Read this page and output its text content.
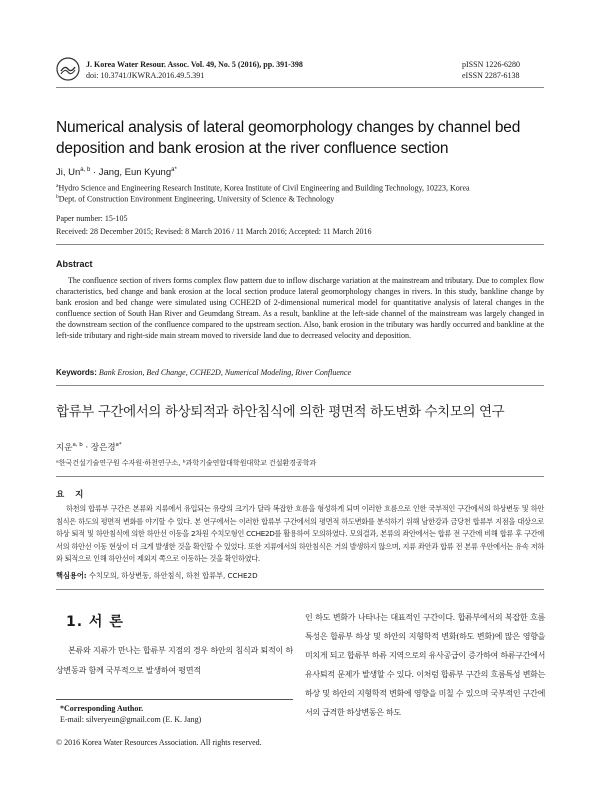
J. Korea Water Resour. Assoc. Vol. 49, No. 5 (2016), pp. 391-398
doi: 10.3741/JKWRA.2016.49.5.391
pISSN 1226-6280
eISSN 2287-6138
Numerical analysis of lateral geomorphology changes by channel bed deposition and bank erosion at the river confluence section
Ji, Un$^{a, b}$ · Jang, Eun Kyung$^{a*}$
$^a$Hydro Science and Engineering Research Institute, Korea Institute of Civil Engineering and Building Technology, 10223, Korea
$^b$Dept. of Construction Environment Engineering, University of Science & Technology
Paper number: 15-105
Received: 28 December 2015; Revised: 8 March 2016 / 11 March 2016; Accepted: 11 March 2016
Abstract
The confluence section of rivers forms complex flow pattern due to inflow discharge variation at the mainstream and tributary. Due to complex flow characteristics, bed change and bank erosion at the local section produce lateral geomorphology changes in rivers. In this study, bankline change by bank erosion and bed change were simulated using CCHE2D of 2-dimensional numerical model for quantitative analysis of lateral changes in the confluence section of South Han River and Geumdang Stream. As a result, bankline at the left-side channel of the mainstream was largely changed in the downstream section of the confluence compared to the upstream section. Also, bank erosion in the tributary was hardly occurred and bankline at the left-side tributary and right-side main stream moved to riverside land due to decreased velocity and deposition.
Keywords: Bank Erosion, Bed Change, CCHE2D, Numerical Modeling, River Confluence
합류부 구간에서의 하상퇴적과 하안침식에 의한 평면적 하도변화 수치모의 연구
지운$^{a, b}$ · 장은경$^{a*}$
ᵃ한국건설기술연구원 수자원·하천연구소, ᵇ과학기술연합대학원대학교 건설환경공학과
요 지
하천의 합류부 구간은 본류와 지류에서 유입되는 유량의 크기가 달라 복잡한 흐름을 형성하게 되며 이러한 흐름으로 인한 국부적인 구간에서의 하상변동 및 하안침식은 하도의 평면적 변화를 야기할 수 있다. 본 연구에서는 이러한 합류부 구간에서의 평면적 하도변화를 분석하기 위해 남한강과 금당천 합류부 지점을 대상으로 하상 퇴적 및 하안침식에 의한 하안선 이동을 2차원 수치모형인 CCHE2D를 활용하여 모의하였다. 모의결과, 본류의 좌안에서는 합류 전 구간에 비해 합류 후 구간에서의 하안선 이동 현상이 더 크게 발생한 것을 확인할 수 있었다. 또한 지류에서의 하안침식은 거의 발생하지 않으며, 지류 좌안과 합류 전 본류 우안에서는 유속 저하와 퇴적으로 인해 하안선이 제외지 쪽으로 이동하는 것을 확인하였다.
핵심용어: 수치모의, 하상변동, 하안침식, 하천 합류부, CCHE2D
1. 서 론
본류와 지류가 만나는 합류부 지점의 경우 하안의 침식과 퇴적이 하상변동과 함께 국부적으로 발생하여 평면적
인 하도 변화가 나타나는 대표적인 구간이다. 합류부에서의 복잡한 흐름 특성은 합류부 하상 및 하안의 지형학적 변화(하도 변화)에 많은 영향을 미치게 되고 합류부 하류 지역으로의 유사공급이 증가하여 하류구간에서 유사퇴적 문제가 발생할 수 있다. 이처럼 합류부 구간의 흐름특성 변화는 하상 및 하안의 지형학적 변화에 영향을 미칠 수 있으며 국부적인 구간에서의 급격한 하상변동은 하도
*Corresponding Author.
E-mail: silveryeun@gmail.com (E. K. Jang)
© 2016 Korea Water Resources Association. All rights reserved.
